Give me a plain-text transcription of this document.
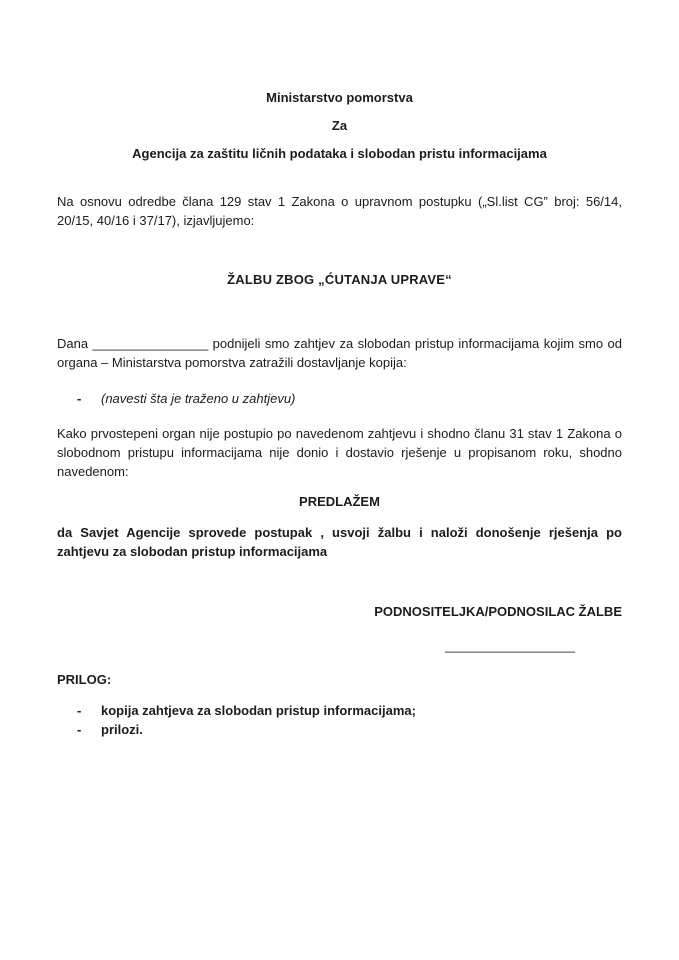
Ministarstvo pomorstva

Za

Agencija za zaštitu ličnih podataka i slobodan pristu informacijama

Na osnovu odredbe člana 129 stav 1 Zakona o upravnom postupku („Sl.list CG” broj: 56/14, 20/15, 40/16 i 37/17), izjavljujemo:

ŽALBU ZBOG „ĆUTANJA UPRAVE“

Dana ________________ podnijeli smo zahtjev za slobodan pristup informacijama kojim smo od organa – Ministarstva pomorstva zatražili dostavljanje kopija:

-	(navesti šta je traženo u zahtjevu)

Kako prvostepeni organ nije postupio po navedenom zahtjevu i shodno članu 31 stav 1 Zakona o slobodnom pristupu informacijama nije donio i dostavio rješenje u propisanom roku, shodno navedenom:

PREDLAŽEM

da Savjet Agencije sprovede postupak , usvoji žalbu i naloži donošenje rješenja po zahtjevu za slobodan pristup informacijama

PODNOSITELJKA/PODNOSILAC ŽALBE

__________________

PRILOG:

-	kopija zahtjeva za slobodan pristup informacijama;
-	prilozi.
